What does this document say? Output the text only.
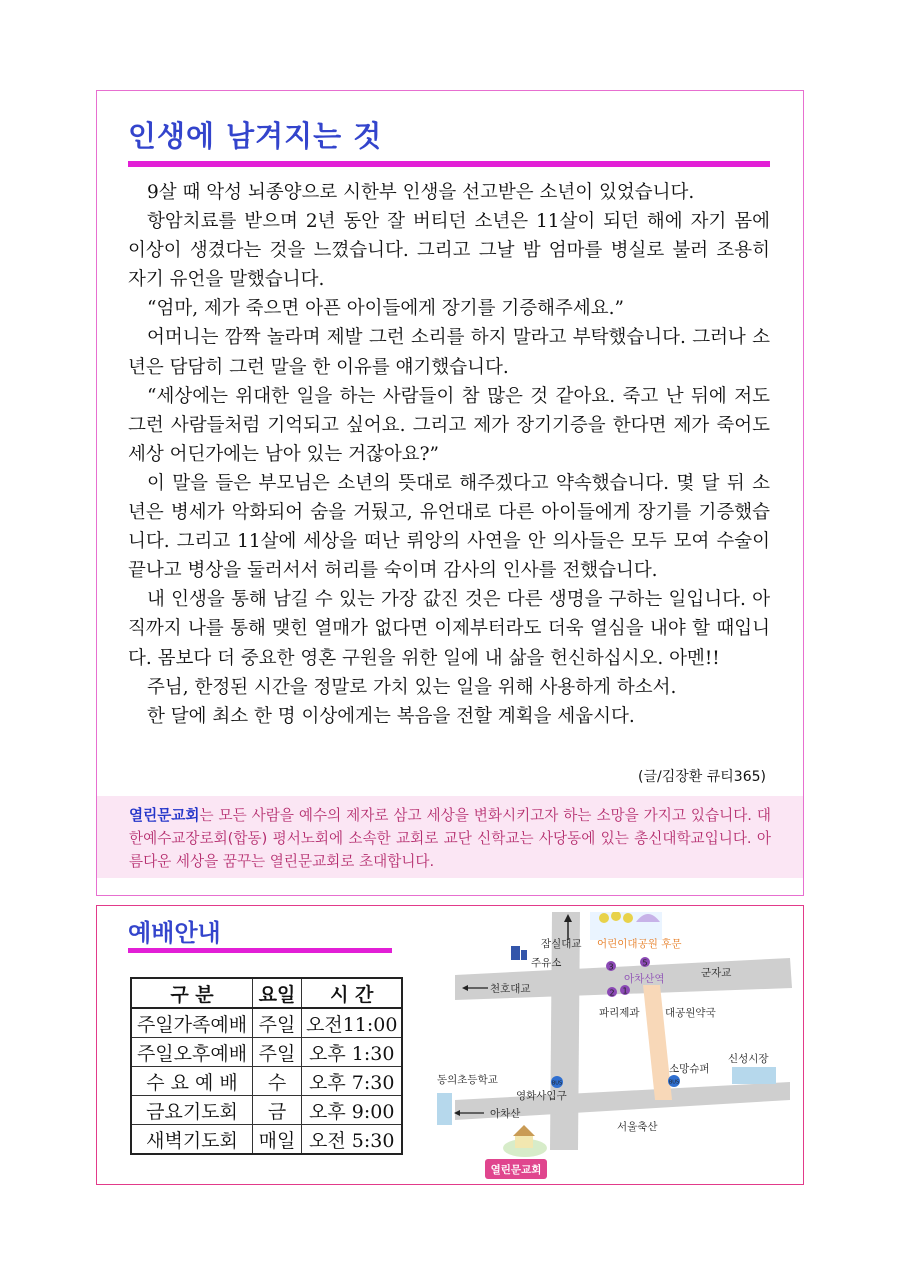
인생에 남겨지는 것

9살 때 악성 뇌종양으로 시한부 인생을 선고받은 소년이 있었습니다.

항암치료를 받으며 2년 동안 잘 버티던 소년은 11살이 되던 해에 자기 몸에 이상이 생겼다는 것을 느꼈습니다. 그리고 그날 밤 엄마를 병실로 불러 조용히 자기 유언을 말했습니다.

“엄마, 제가 죽으면 아픈 아이들에게 장기를 기증해주세요.”

어머니는 깜짝 놀라며 제발 그런 소리를 하지 말라고 부탁했습니다. 그러나 소년은 담담히 그런 말을 한 이유를 얘기했습니다.

“세상에는 위대한 일을 하는 사람들이 참 많은 것 같아요. 죽고 난 뒤에 저도 그런 사람들처럼 기억되고 싶어요. 그리고 제가 장기기증을 한다면 제가 죽어도 세상 어딘가에는 남아 있는 거잖아요?”

이 말을 들은 부모님은 소년의 뜻대로 해주겠다고 약속했습니다. 몇 달 뒤 소년은 병세가 악화되어 숨을 거뒀고, 유언대로 다른 아이들에게 장기를 기증했습니다. 그리고 11살에 세상을 떠난 뤼앙의 사연을 안 의사들은 모두 모여 수술이 끝나고 병상을 둘러서서 허리를 숙이며 감사의 인사를 전했습니다.

내 인생을 통해 남길 수 있는 가장 값진 것은 다른 생명을 구하는 일입니다. 아직까지 나를 통해 맺힌 열매가 없다면 이제부터라도 더욱 열심을 내야 할 때입니다. 몸보다 더 중요한 영혼 구원을 위한 일에 내 삶을 헌신하십시오. 아멘!!

주님, 한정된 시간을 정말로 가치 있는 일을 위해 사용하게 하소서.

한 달에 최소 한 명 이상에게는 복음을 전할 계획을 세웁시다.

(글/김장환 큐티365)
열린문교회는 모든 사람을 예수의 제자로 삼고 세상을 변화시키고자 하는 소망을 가지고 있습니다. 대한예수교장로회(합동) 평서노회에 소속한 교회로 교단 신학교는 사당동에 있는 총신대학교입니다. 아름다운 세상을 꿈꾸는 열린문교회로 초대합니다.
예배안내
구 분	요일	시 간
주일가족예배	주일	오전11:00
주일오후예배	주일	오후 1:30
수 요 예 배	수	오후 7:30
금요기도회	금	오후 9:00
새벽기도회	매일	오전 5:30
3	5
2 1
BUS	BUS
잠실대교 어린이대공원 후문
주유소
천호대교
군자교
아차산역
파리제과 대공원약국
소망슈퍼
신성시장
동의초등학교
영화사입구
아차산
서울축산
열린문교회
